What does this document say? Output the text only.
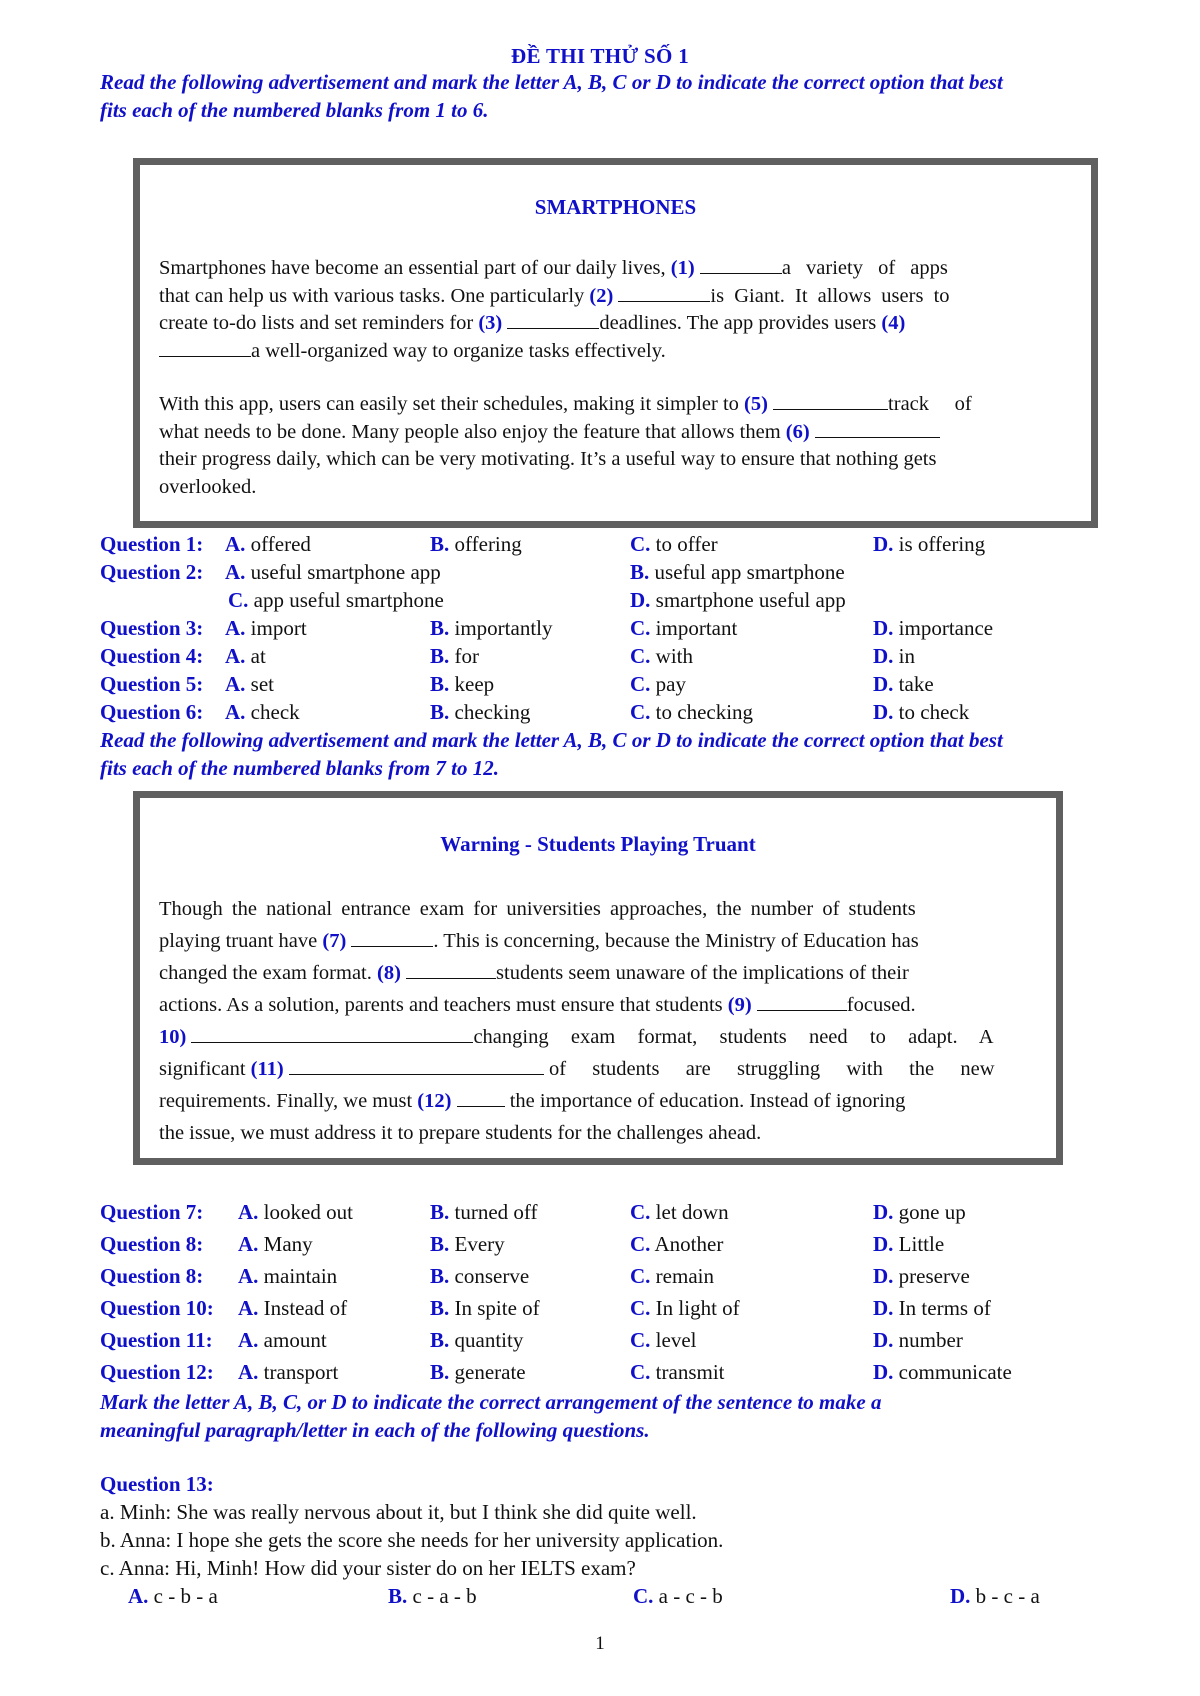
ĐỀ THI THỬ SỐ 1
Read the following advertisement and mark the letter A, B, C or D to indicate the correct option that best
fits each of the numbered blanks from 1 to 6.
SMARTPHONES
Smartphones have become an essential part of our daily lives, (1)	a variety of apps
that can help us with various tasks. One particularly (2)	is Giant. It allows users to
create to-do lists and set reminders for (3)	deadlines. The app provides users (4)
a well-organized way to organize tasks effectively.
With this app, users can easily set their schedules, making it simpler to (5)	track     of
what needs to be done. Many people also enjoy the feature that allows them (6)
their progress daily, which can be very motivating. It’s a useful way to ensure that nothing gets
overlooked.
Question 1: A. offered	B. offering	C. to offer	D. is offering
Question 2: A. useful smartphone app	B. useful app smartphone
C. app useful smartphone	D. smartphone useful app
Question 3: A. import	B. importantly	C. important	D. importance
Question 4: A. at	B. for	C. with	D. in
Question 5: A. set	B. keep	C. pay	D. take
Question 6: A. check	B. checking	C. to checking	D. to check
Read the following advertisement and mark the letter A, B, C or D to indicate the correct option that best
fits each of the numbered blanks from 7 to 12.
Warning - Students Playing Truant
Though the national entrance exam for universities approaches, the number of students
playing truant have (7)	. This is concerning, because the Ministry of Education has
changed the exam format. (8)	students seem unaware of the implications of their
actions. As a solution, parents and teachers must ensure that students (9)	focused.
10)	changing  exam  format,  students  need  to  adapt.  A
significant (11)	of  students  are  struggling  with  the  new
requirements. Finally, we must (12)	the importance of education. Instead of ignoring
the issue, we must address it to prepare students for the challenges ahead.
Question 7: A. looked out	B. turned off	C. let down	D. gone up
Question 8: A. Many	B. Every	C. Another	D. Little
Question 8: A. maintain	B. conserve	C. remain	D. preserve
Question 10: A. Instead of	B. In spite of	C. In light of	D. In terms of
Question 11: A. amount	B. quantity	C. level	D. number
Question 12: A. transport	B. generate	C. transmit	D. communicate
Mark the letter A, B, C, or D to indicate the correct arrangement of the sentence to make a
meaningful paragraph/letter in each of the following questions.
Question 13:
a. Minh: She was really nervous about it, but I think she did quite well.
b. Anna: I hope she gets the score she needs for her university application.
c. Anna: Hi, Minh! How did your sister do on her IELTS exam?
A. c - b - a	B. c - a - b	C. a - c - b	D. b - c - a
1
